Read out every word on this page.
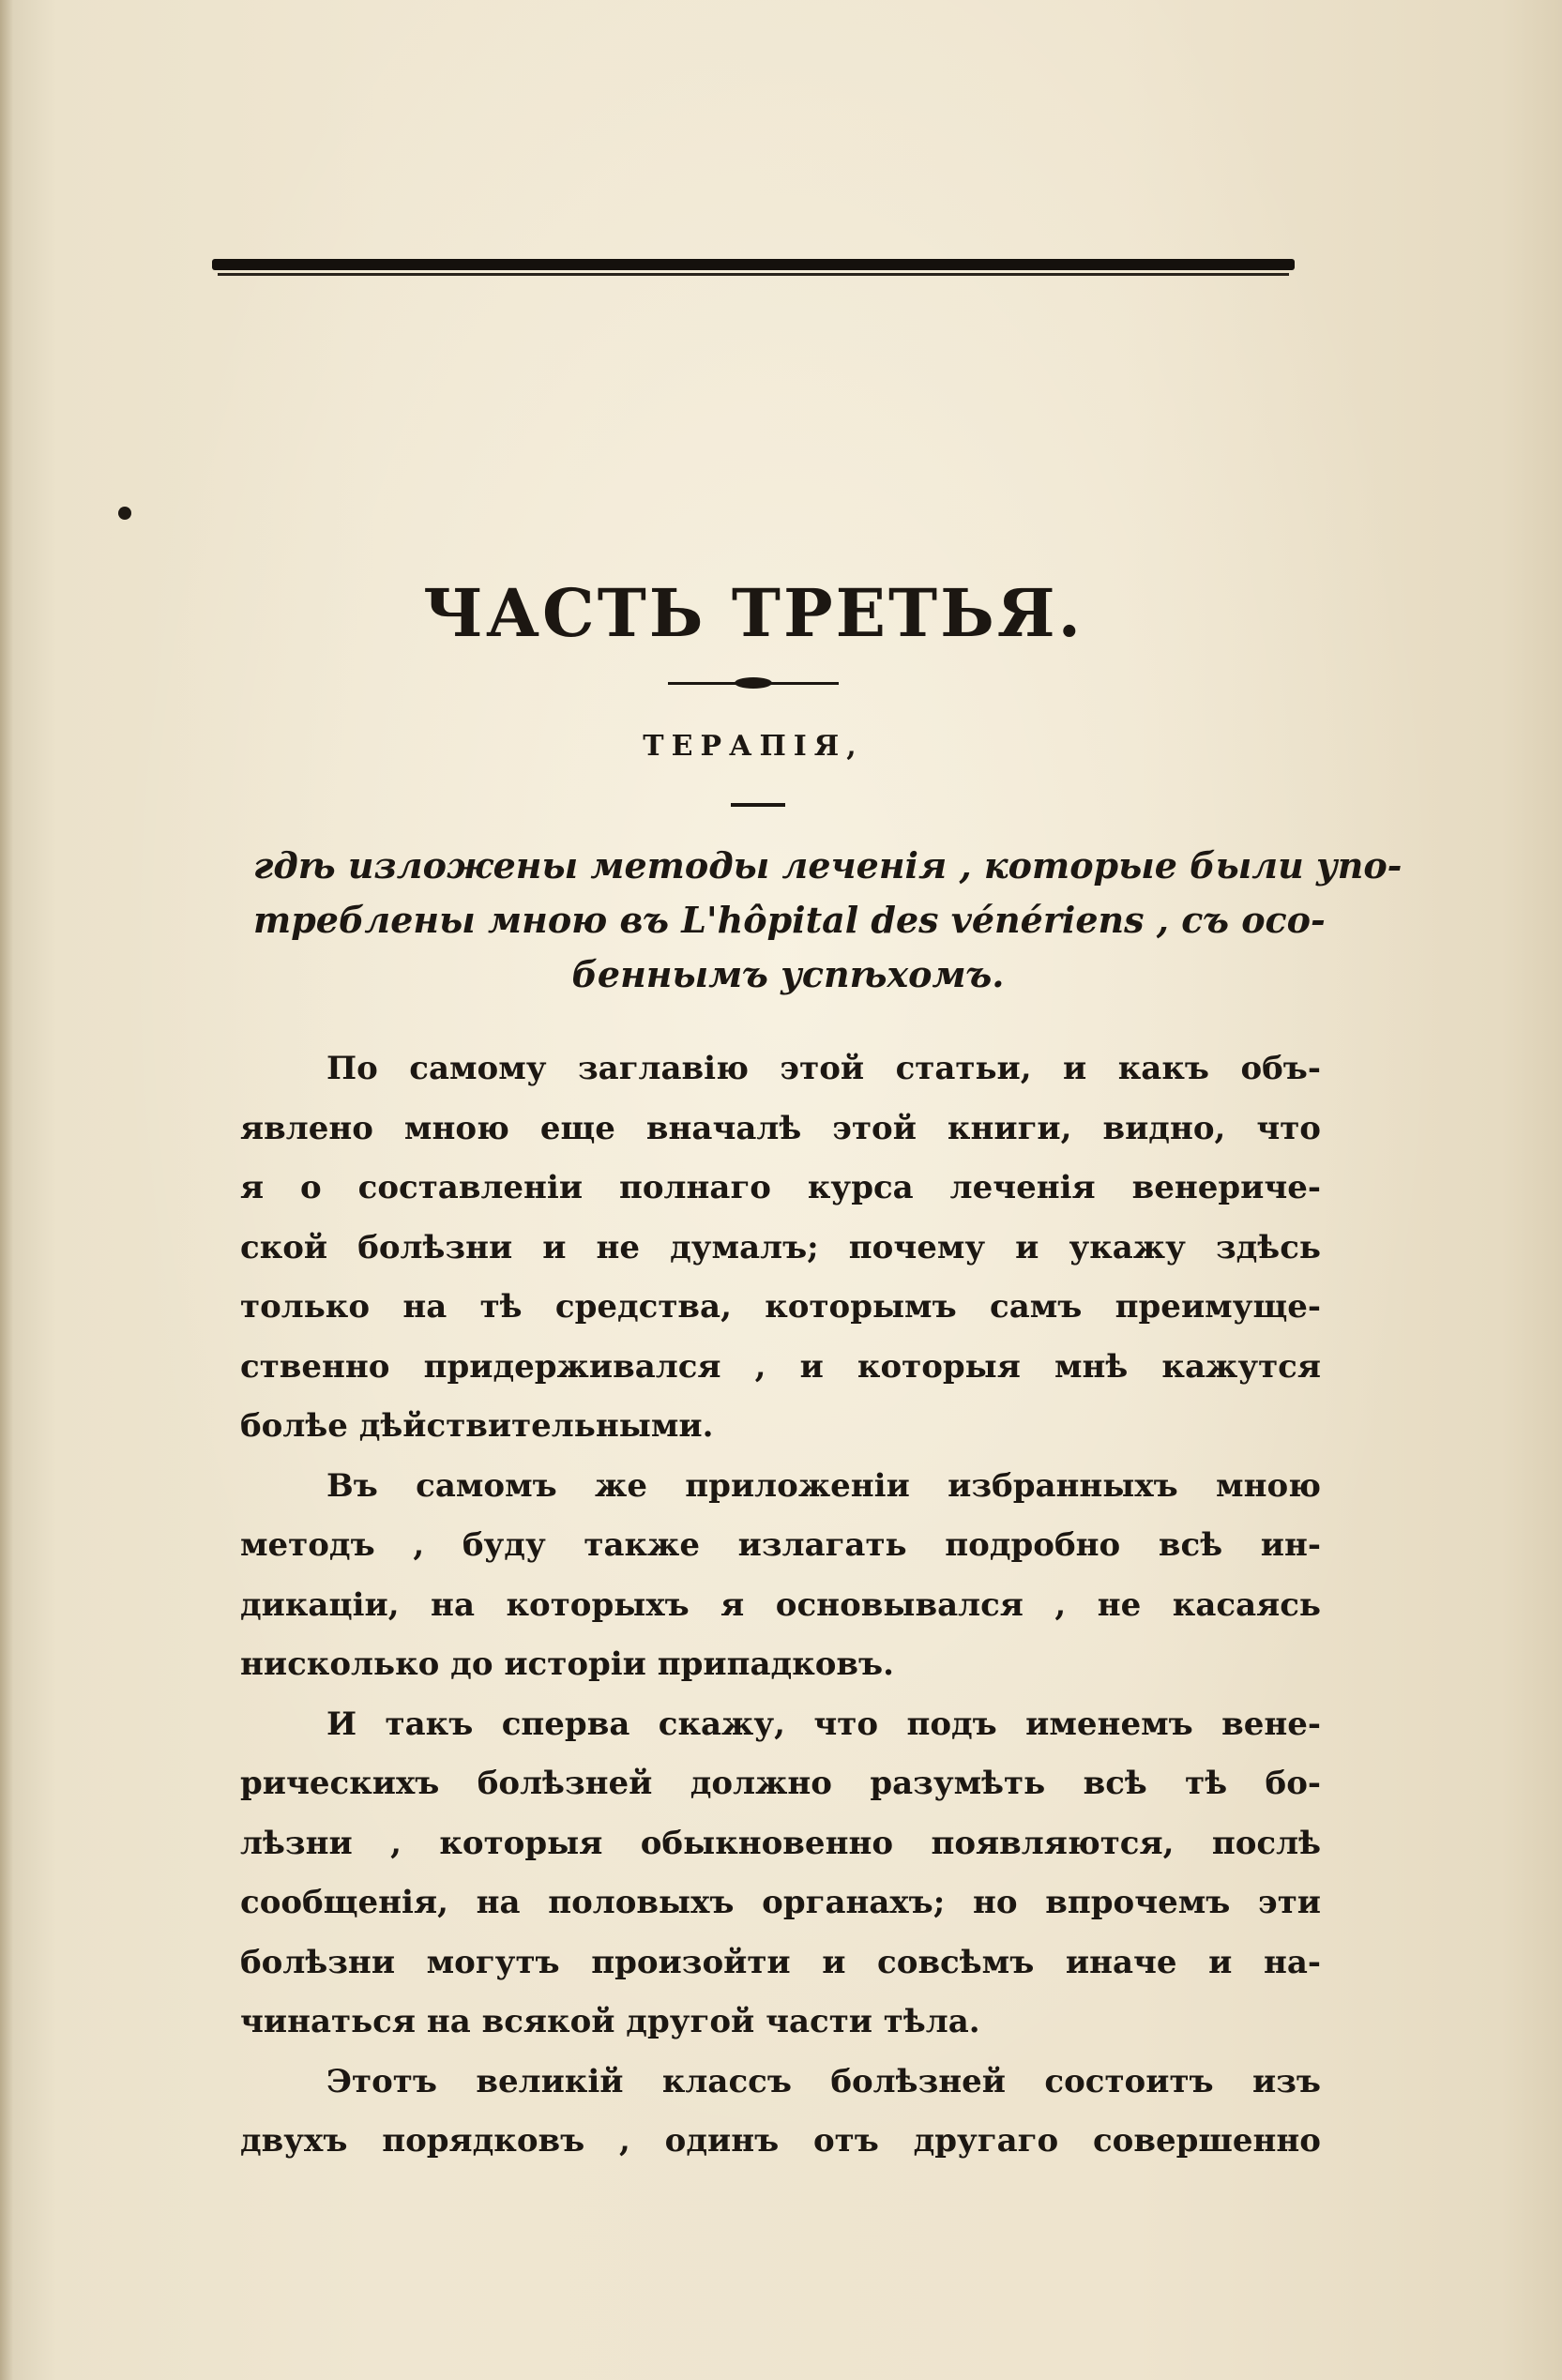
ЧАСТЬ ТРЕТЬЯ.
ТЕРАПІЯ,
гдѣ изложены методы леченія , которые были упо-
треблены мною въ L'hôpital des vénériens , съ осо-
беннымъ успѣхомъ.
По самому заглавію этой статьи, и какъ объ-
явлено мною еще вначалѣ этой книги, видно, что
я о составленіи полнаго курса леченія венериче-
ской болѣзни и не думалъ; почему и укажу здѣсь
только на тѣ средства, которымъ самъ преимуще-
ственно придерживался , и которыя мнѣ кажутся
болѣе дѣйствительными.
Въ самомъ же приложеніи избранныхъ мною
методъ , буду также излагать подробно всѣ ин-
дикаціи, на которыхъ я основывался , не касаясь
нисколько до исторіи припадковъ.
И такъ сперва скажу, что подъ именемъ вене-
рическихъ болѣзней должно разумѣть всѣ тѣ бо-
лѣзни , которыя обыкновенно появляются, послѣ
сообщенія, на половыхъ органахъ; но впрочемъ эти
болѣзни могутъ произойти и совсѣмъ иначе и на-
чинаться на всякой другой части тѣла.
Этотъ великій классъ болѣзней состоитъ изъ
двухъ порядковъ , одинъ отъ другаго совершенно
